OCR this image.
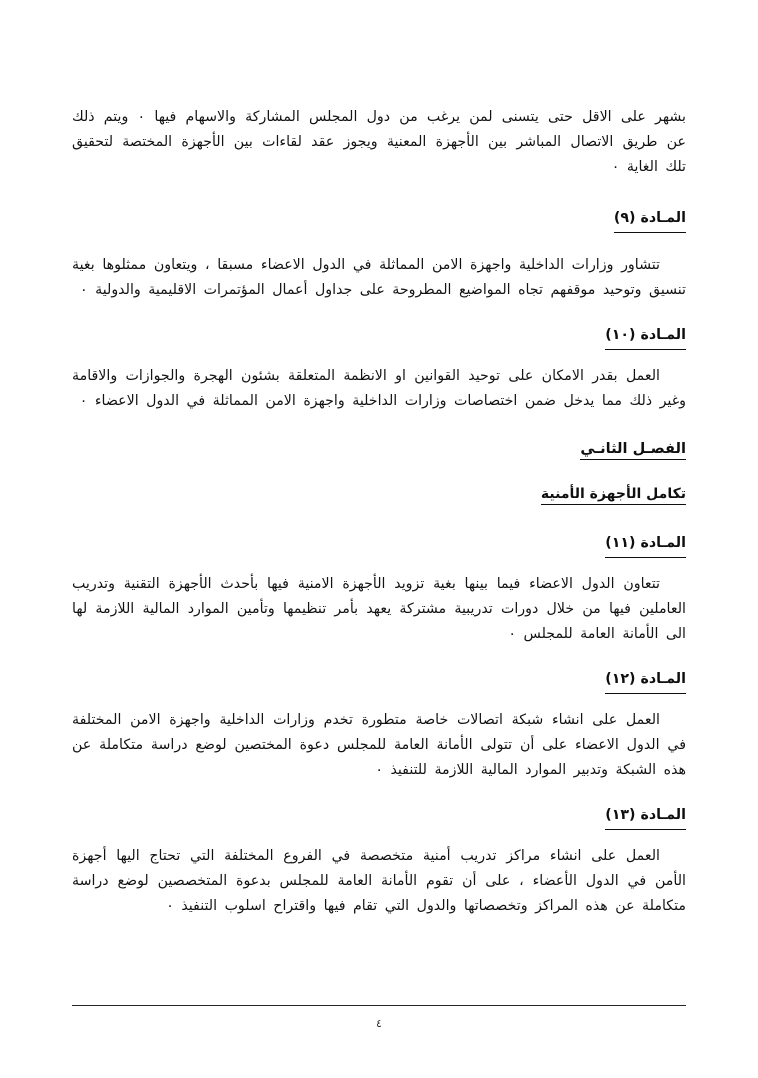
بشهر على الاقل حتى يتسنى لمن يرغب من دول المجلس المشاركة والاسهام فيها ٠ ويتم ذلك عن طريق الاتصال المباشر بين الأجهزة المعنية ويجوز عقد لقاءات بين الأجهزة المختصة لتحقيق تلك الغاية ٠

المـادة (٩)

تتشاور وزارات الداخلية واجهزة الامن المماثلة في الدول الاعضاء مسبقا ، ويتعاون ممثلوها بغية تنسيق وتوحيد موقفهم تجاه المواضيع المطروحة على جداول أعمال المؤتمرات الاقليمية والدولية ٠

المـادة (١٠)

العمل بقدر الامكان على توحيد القوانين او الانظمة المتعلقة بشئون الهجرة والجوازات والاقامة وغير ذلك مما يدخل ضمن اختصاصات وزارات الداخلية واجهزة الامن المماثلة في الدول الاعضاء ٠

الفصـل الثانـي
تكامل الأجهزة الأمنية
المـادة (١١)

تتعاون الدول الاعضاء فيما بينها بغية تزويد الأجهزة الامنية فيها بأحدث الأجهزة التقنية وتدريب العاملين فيها من خلال دورات تدريبية مشتركة يعهد بأمر تنظيمها وتأمين الموارد المالية اللازمة لها الى الأمانة العامة للمجلس ٠

المـادة (١٢)

العمل على انشاء شبكة اتصالات خاصة متطورة تخدم وزارات الداخلية واجهزة الامن المختلفة في الدول الاعضاء على أن تتولى الأمانة العامة للمجلس دعوة المختصين لوضع دراسة متكاملة عن هذه الشبكة وتدبير الموارد المالية اللازمة للتنفيذ ٠

المـادة (١٣)

العمل على انشاء مراكز تدريب أمنية متخصصة في الفروع المختلفة التي تحتاج اليها أجهزة الأمن في الدول الأعضاء ، على أن تقوم الأمانة العامة للمجلس بدعوة المتخصصين لوضع دراسة متكاملة عن هذه المراكز وتخصصاتها والدول التي تقام فيها واقتراح اسلوب التنفيذ ٠

٤
